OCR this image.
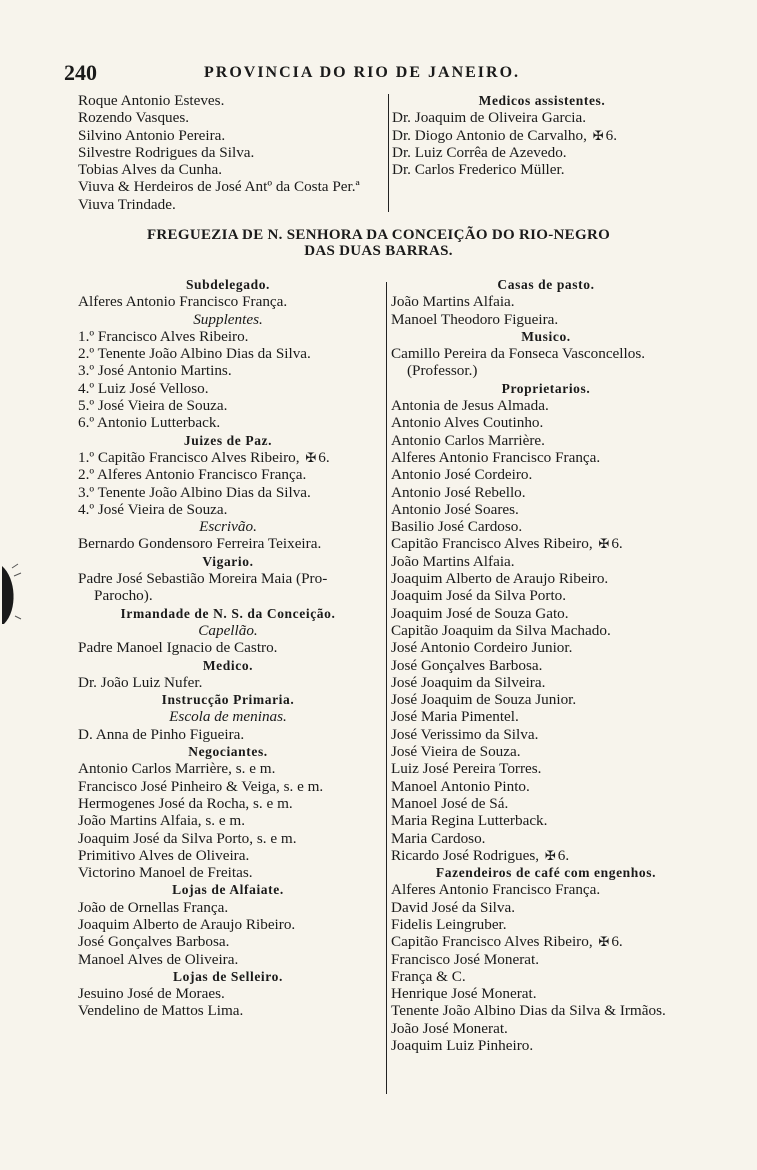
240	PROVINCIA DO RIO DE JANEIRO.
Roque Antonio Esteves.
Rozendo Vasques.
Silvino Antonio Pereira.
Silvestre Rodrigues da Silva.
Tobias Alves da Cunha.
Viuva & Herdeiros de José Antº da Costa Per.ª
Viuva Trindade.
Medicos assistentes.
Dr. Joaquim de Oliveira Garcia.
Dr. Diogo Antonio de Carvalho, ✠ 6.
Dr. Luiz Corrêa de Azevedo.
Dr. Carlos Frederico Müller.
FREGUEZIA DE N. SENHORA DA CONCEIÇÃO DO RIO-NEGRO
DAS DUAS BARRAS.
Subdelegado.
Alferes Antonio Francisco França.
Supplentes.
1.º Francisco Alves Ribeiro.
2.º Tenente João Albino Dias da Silva.
3.º José Antonio Martins.
4.º Luiz José Velloso.
5.º José Vieira de Souza.
6.º Antonio Lutterback.
Juizes de Paz.
1.º Capitão Francisco Alves Ribeiro, ✠ 6.
2.º Alferes Antonio Francisco França.
3.º Tenente João Albino Dias da Silva.
4.º José Vieira de Souza.
Escrivão.
Bernardo Gondensoro Ferreira Teixeira.
Vigario.
Padre José Sebastião Moreira Maia (Pro-
Parocho).
Irmandade de N. S. da Conceição.
Capellão.
Padre Manoel Ignacio de Castro.
Medico.
Dr. João Luiz Nufer.
Instrucção Primaria.
Escola de meninas.
D. Anna de Pinho Figueira.
Negociantes.
Antonio Carlos Marrière, s. e m.
Francisco José Pinheiro & Veiga, s. e m.
Hermogenes José da Rocha, s. e m.
João Martins Alfaia, s. e m.
Joaquim José da Silva Porto, s. e m.
Primitivo Alves de Oliveira.
Victorino Manoel de Freitas.
Lojas de Alfaiate.
João de Ornellas França.
Joaquim Alberto de Araujo Ribeiro.
José Gonçalves Barbosa.
Manoel Alves de Oliveira.
Lojas de Selleiro.
Jesuino José de Moraes.
Vendelino de Mattos Lima.
Casas de pasto.
João Martins Alfaia.
Manoel Theodoro Figueira.
Musico.
Camillo Pereira da Fonseca Vasconcellos.
(Professor.)
Proprietarios.
Antonia de Jesus Almada.
Antonio Alves Coutinho.
Antonio Carlos Marrière.
Alferes Antonio Francisco França.
Antonio José Cordeiro.
Antonio José Rebello.
Antonio José Soares.
Basilio José Cardoso.
Capitão Francisco Alves Ribeiro, ✠ 6.
João Martins Alfaia.
Joaquim Alberto de Araujo Ribeiro.
Joaquim José da Silva Porto.
Joaquim José de Souza Gato.
Capitão Joaquim da Silva Machado.
José Antonio Cordeiro Junior.
José Gonçalves Barbosa.
José Joaquim da Silveira.
José Joaquim de Souza Junior.
José Maria Pimentel.
José Verissimo da Silva.
José Vieira de Souza.
Luiz José Pereira Torres.
Manoel Antonio Pinto.
Manoel José de Sá.
Maria Regina Lutterback.
Maria Cardoso.
Ricardo José Rodrigues, ✠ 6.
Fazendeiros de café com engenhos.
Alferes Antonio Francisco França.
David José da Silva.
Fidelis Leingruber.
Capitão Francisco Alves Ribeiro, ✠ 6.
Francisco José Monerat.
França & C.
Henrique José Monerat.
Tenente João Albino Dias da Silva & Irmãos.
João José Monerat.
Joaquim Luiz Pinheiro.
